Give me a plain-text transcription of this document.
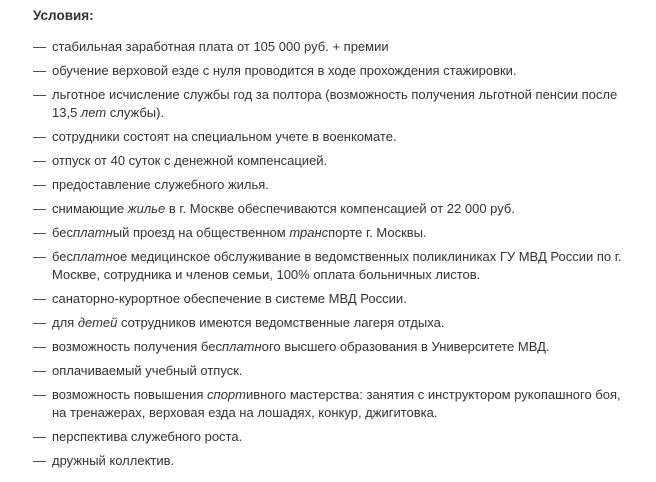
Условия:
— стабильная заработная плата от 105 000 руб. + премии
— обучение верховой езде с нуля проводится в ходе прохождения стажировки.
— льготное исчисление службы год за полтора (возможность получения льготной пенсии после 13,5 лет службы).
— сотрудники состоят на специальном учете в военкомате.
— отпуск от 40 суток с денежной компенсацией.
— предоставление служебного жилья.
— снимающие жилье в г. Москве обеспечиваются компенсацией от 22 000 руб.
— бесплатный проезд на общественном транспорте г. Москвы.
— бесплатное медицинское обслуживание в ведомственных поликлиниках ГУ МВД России по г. Москве, сотрудника и членов семьи, 100% оплата больничных листов.
— санаторно-курортное обеспечение в системе МВД России.
— для детей сотрудников имеются ведомственные лагеря отдыха.
— возможность получения бесплатного высшего образования в Университете МВД.
— оплачиваемый учебный отпуск.
— возможность повышения спортивного мастерства: занятия с инструктором рукопашного боя, на тренажерах, верховая езда на лошадях, конкур, джигитовка.
— перспектива служебного роста.
— дружный коллектив.
